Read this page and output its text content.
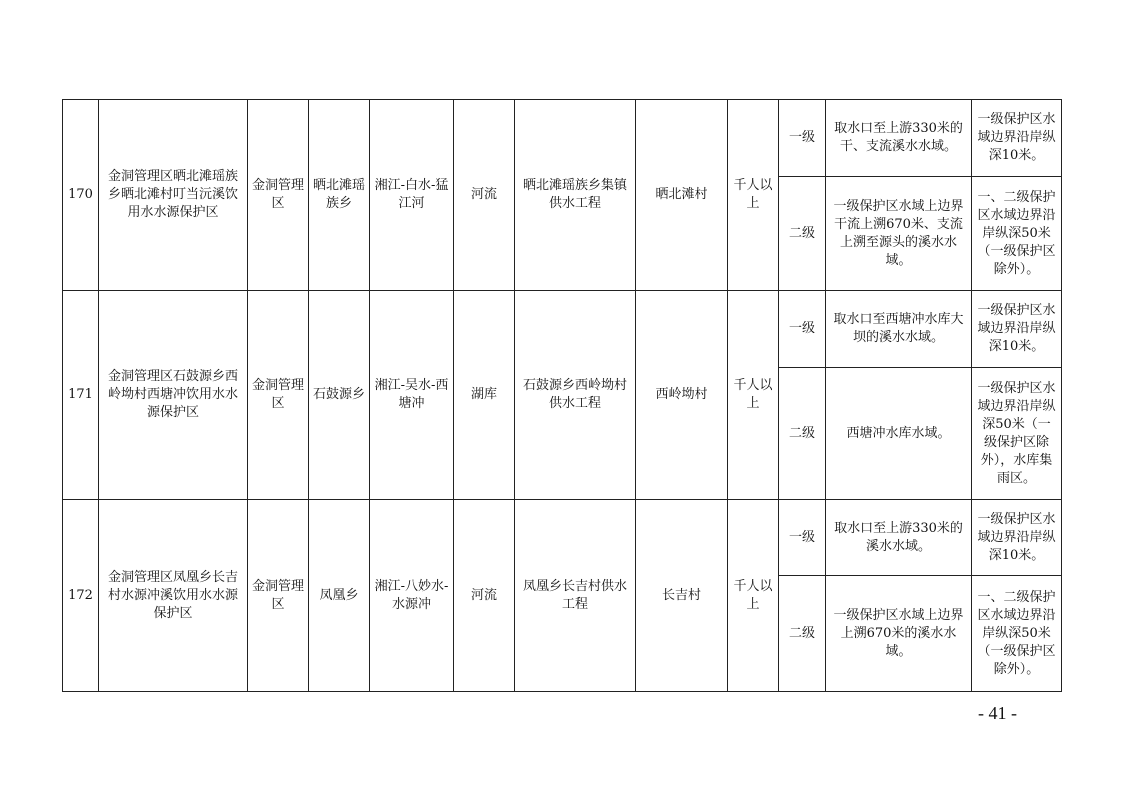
170	金洞管理区晒北滩瑶族乡晒北滩村叮当沅溪饮用水水源保护区	金洞管理区	晒北滩瑶族乡	湘江-白水-猛江河	河流	晒北滩瑶族乡集镇供水工程	晒北滩村	千人以上	一级	取水口至上游330米的干、支流溪水水域。	一级保护区水域边界沿岸纵深10米。
									二级	一级保护区水域上边界干流上溯670米、支流上溯至源头的溪水水域。	一、二级保护区水域边界沿岸纵深50米（一级保护区除外）。
171	金洞管理区石鼓源乡西岭坳村西塘冲饮用水水源保护区	金洞管理区	石鼓源乡	湘江-吴水-西塘冲	湖库	石鼓源乡西岭坳村供水工程	西岭坳村	千人以上	一级	取水口至西塘冲水库大坝的溪水水域。	一级保护区水域边界沿岸纵深10米。
									二级	西塘冲水库水域。	一级保护区水域边界沿岸纵深50米（一级保护区除外），水库集雨区。
172	金洞管理区凤凰乡长吉村水源冲溪饮用水水源保护区	金洞管理区	凤凰乡	湘江-八妙水-水源冲	河流	凤凰乡长吉村供水工程	长吉村	千人以上	一级	取水口至上游330米的溪水水域。	一级保护区水域边界沿岸纵深10米。
									二级	一级保护区水域上边界上溯670米的溪水水域。	一、二级保护区水域边界沿岸纵深50米（一级保护区除外）。
- 41 -
